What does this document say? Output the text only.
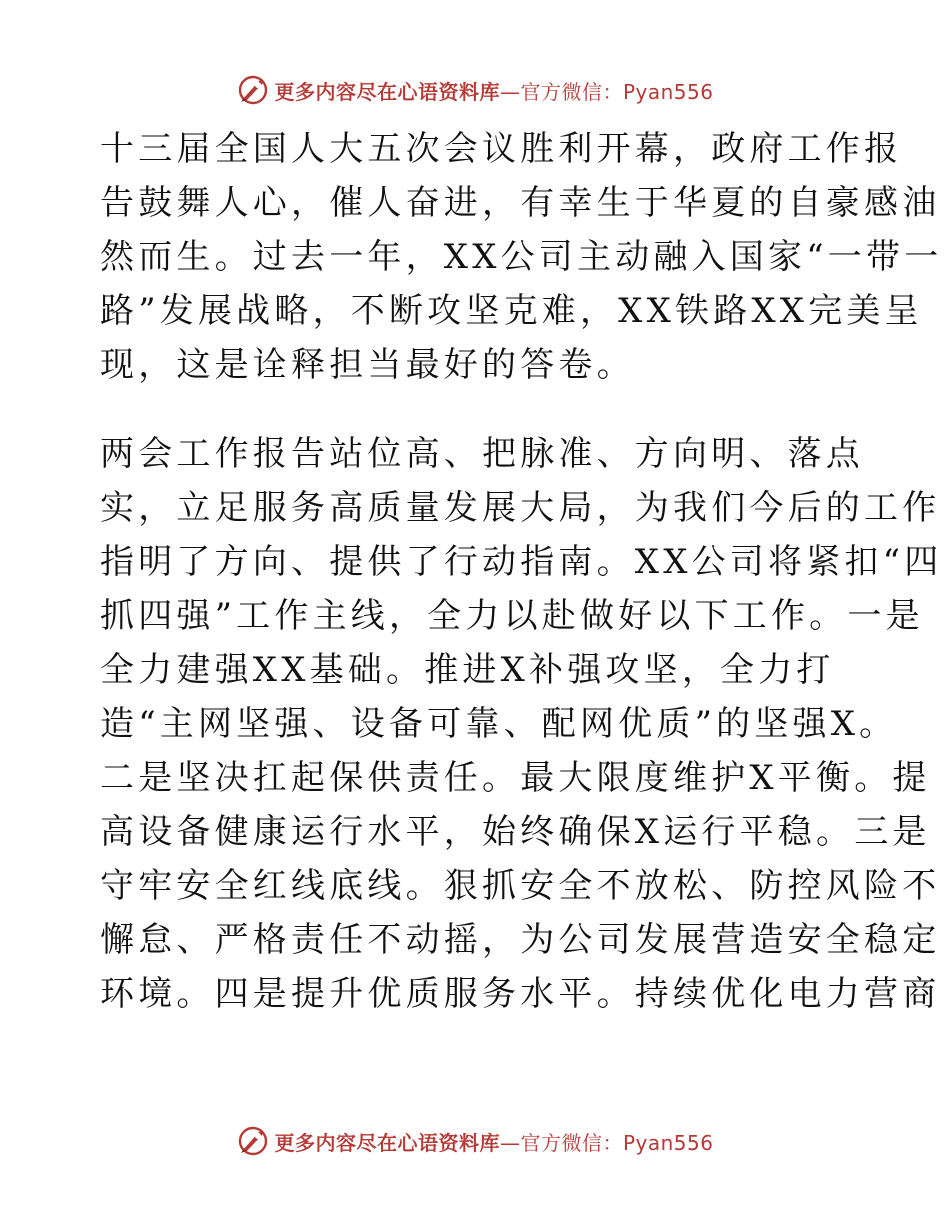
更多内容尽在心语资料库—官方微信：Pyan556
十三届全国人大五次会议胜利开幕，政府工作报
告鼓舞人心，催人奋进，有幸生于华夏的自豪感油
然而生。过去一年，XX公司主动融入国家“一带一
路”发展战略，不断攻坚克难，XX铁路XX完美呈
现，这是诠释担当最好的答卷。
两会工作报告站位高、把脉准、方向明、落点
实，立足服务高质量发展大局，为我们今后的工作
指明了方向、提供了行动指南。XX公司将紧扣“四
抓四强”工作主线，全力以赴做好以下工作。一是
全力建强XX基础。推进X补强攻坚，全力打
造“主网坚强、设备可靠、配网优质”的坚强X。
二是坚决扛起保供责任。最大限度维护X平衡。提
高设备健康运行水平，始终确保X运行平稳。三是
守牢安全红线底线。狠抓安全不放松、防控风险不
懈怠、严格责任不动摇，为公司发展营造安全稳定
环境。四是提升优质服务水平。持续优化电力营商
更多内容尽在心语资料库—官方微信：Pyan556
